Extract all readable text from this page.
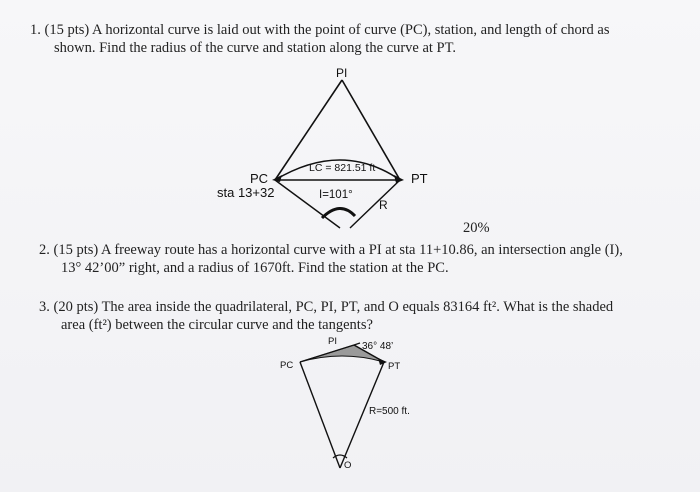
1. (15 pts) A horizontal curve is laid out with the point of curve (PC), station, and length of chord as
shown. Find the radius of the curve and station along the curve at PT.
PI
PC
sta 13+32
LC = 821.51 ft
I=101°
R
PT
20%
2. (15 pts) A freeway route has a horizontal curve with a PI at sta 11+10.86, an intersection angle (I),
13° 42’00” right, and a radius of 1670ft. Find the station at the PC.
3. (20 pts) The area inside the quadrilateral, PC, PI, PT, and O equals 83164 ft². What is the shaded
area (ft²) between the circular curve and the tangents?
PI	36° 48’
PC	PT
R=500 ft.
O
